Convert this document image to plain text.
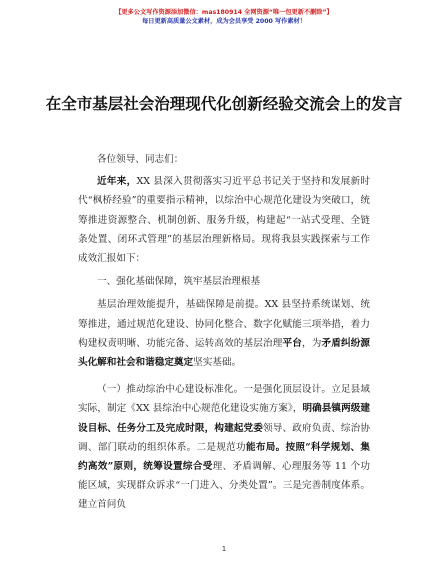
【更多公文写作资源添加微信：mas180914 全网资源“唯一包更新不删除”】
每日更新高质量公文素材，成为会员享受 2000 写作素材！
在全市基层社会治理现代化创新经验交流会上的发言

各位领导、同志们：

近年来，XX 县深入贯彻落实习近平总书记关于坚持和发展新时代“枫桥经验”的重要指示精神，以综治中心规范化建设为突破口，统筹推进资源整合、机制创新、服务升级，构建起“一站式受理、全链条处置、闭环式管理”的基层治理新格局。现将我县实践探索与工作成效汇报如下：

一、强化基础保障，筑牢基层治理根基

基层治理效能提升，基础保障是前提。XX 县坚持系统谋划、统筹推进，通过规范化建设、协同化整合、数字化赋能三项举措，着力构建权责明晰、功能完备、运转高效的基层治理平台，为矛盾纠纷源头化解和社会和谐稳定奠定坚实基础。

（一）推动综治中心建设标准化。一是强化顶层设计。立足县域实际，制定《XX 县综治中心规范化建设实施方案》，明确县镇两级建设目标、任务分工及完成时限，构建起党委领导、政府负责、综治协调、部门联动的组织体系。二是规范功能布局。按照“科学规划、集约高效”原则，统筹设置综合受理、矛盾调解、心理服务等 11 个功能区域，实现群众诉求“一门进入、分类处置”。三是完善制度体系。建立首问负

1
